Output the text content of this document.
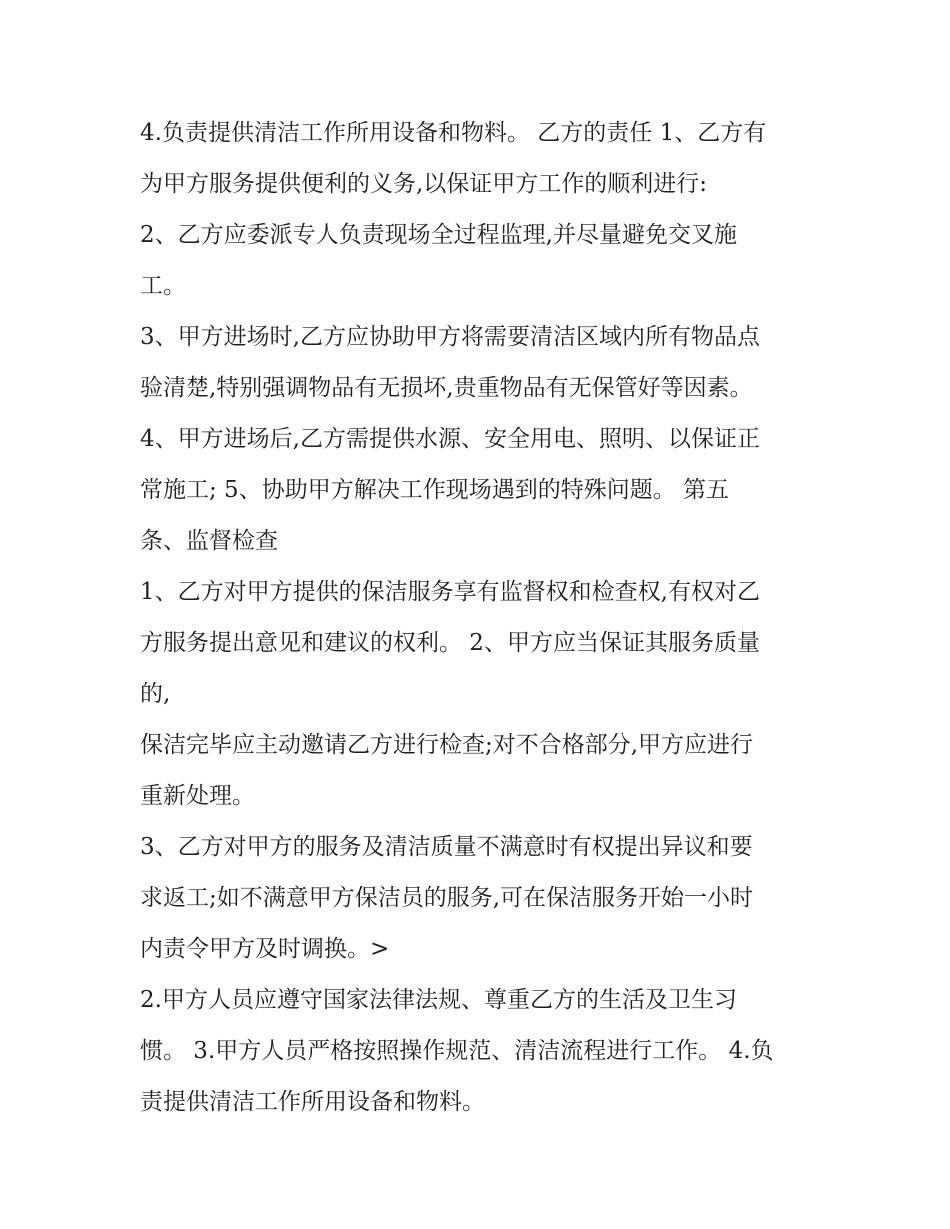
4.负责提供清洁工作所用设备和物料。 乙方的责任 1、乙方有
为甲方服务提供便利的义务,以保证甲方工作的顺利进行:
2、乙方应委派专人负责现场全过程监理,并尽量避免交叉施
工。
3、甲方进场时,乙方应协助甲方将需要清洁区域内所有物品点
验清楚,特别强调物品有无损坏,贵重物品有无保管好等因素。
4、甲方进场后,乙方需提供水源、安全用电、照明、以保证正
常施工; 5、协助甲方解决工作现场遇到的特殊问题。 第五
条、监督检查
1、乙方对甲方提供的保洁服务享有监督权和检查权,有权对乙
方服务提出意见和建议的权利。 2、甲方应当保证其服务质量
的,
保洁完毕应主动邀请乙方进行检查;对不合格部分,甲方应进行
重新处理。
3、乙方对甲方的服务及清洁质量不满意时有权提出异议和要
求返工;如不满意甲方保洁员的服务,可在保洁服务开始一小时
内责令甲方及时调换。>
2.甲方人员应遵守国家法律法规、尊重乙方的生活及卫生习
惯。 3.甲方人员严格按照操作规范、清洁流程进行工作。 4.负
责提供清洁工作所用设备和物料。
